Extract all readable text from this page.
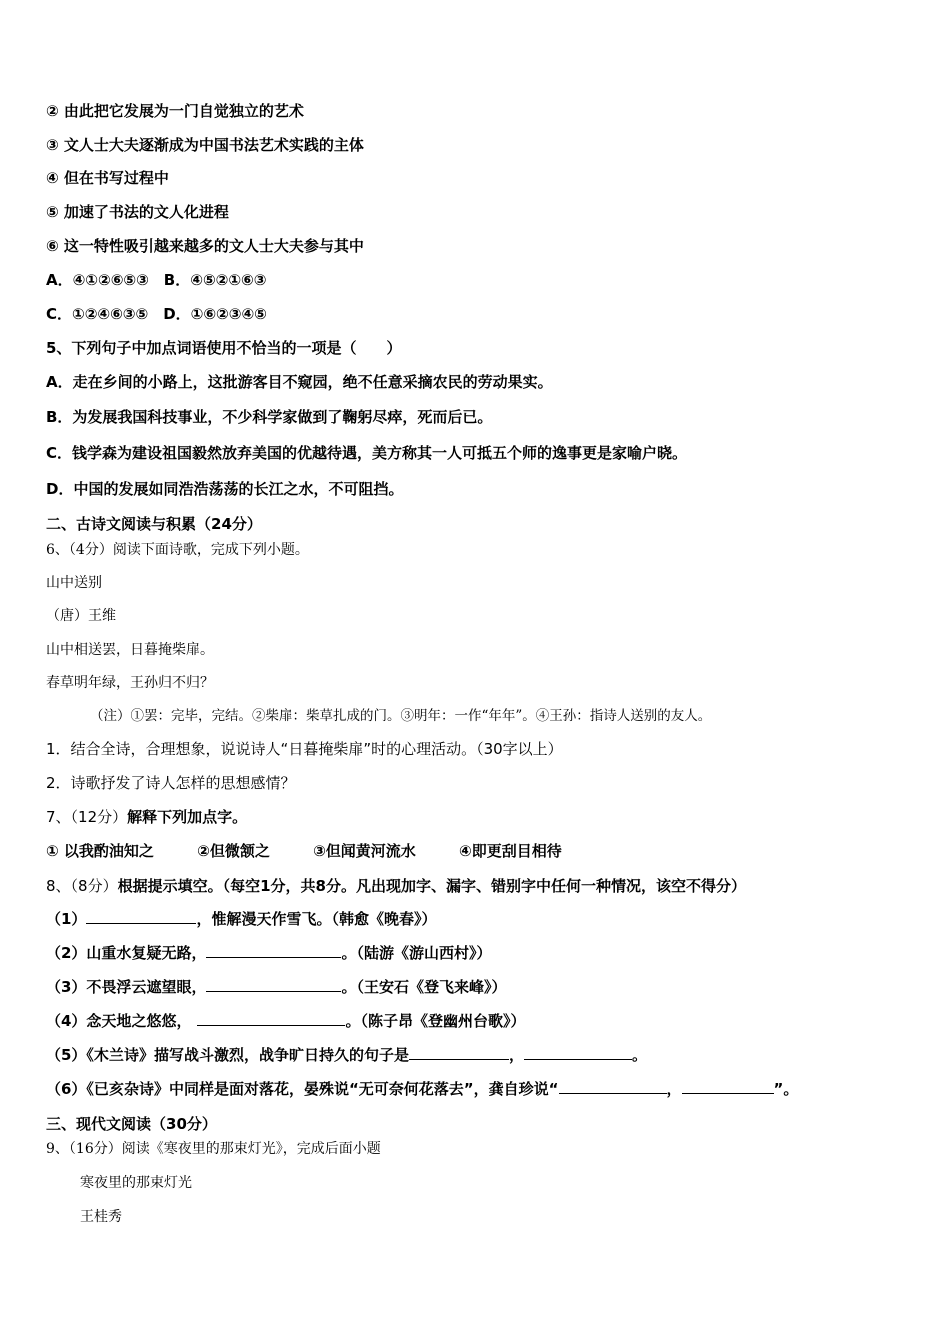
② 由此把它发展为一门自觉独立的艺术
③ 文人士大夫逐渐成为中国书法艺术实践的主体
④ 但在书写过程中
⑤ 加速了书法的文人化进程
⑥ 这一特性吸引越来越多的文人士大夫参与其中
A．④①②⑥⑤③　B．④⑤②①⑥③
C．①②④⑥③⑤　D．①⑥②③④⑤
5、下列句子中加点词语使用不恰当的一项是（　　）
A．走在乡间的小路上，这批游客目不窥园，绝不任意采摘农民的劳动果实。
B．为发展我国科技事业，不少科学家做到了鞠躬尽瘁，死而后已。
C．钱学森为建设祖国毅然放弃美国的优越待遇，美方称其一人可抵五个师的逸事更是家喻户晓。
D．中国的发展如同浩浩荡荡的长江之水，不可阻挡。
二、古诗文阅读与积累（24分）
6、（4分）阅读下面诗歌，完成下列小题。
山中送别
（唐）王维
山中相送罢，日暮掩柴扉。
春草明年绿，王孙归不归？
（注）①罢：完毕，完结。②柴扉：柴草扎成的门。③明年：一作“年年”。④王孙：指诗人送别的友人。
1．结合全诗，合理想象，说说诗人“日暮掩柴扉”时的心理活动。（30字以上）
2．诗歌抒发了诗人怎样的思想感情？
7、（12分）解释下列加点字。
① 以我酌油知之	②但微颔之	③但闻黄河流水	④即更刮目相待
8、（8分）根据提示填空。（每空1分，共8分。凡出现加字、漏字、错别字中任何一种情况，该空不得分）
（1）	，惟解漫天作雪飞。（韩愈《晚春》）
（2）山重水复疑无路，	。（陆游《游山西村》）
（3）不畏浮云遮望眼，	。（王安石《登飞来峰》）
（4）念天地之悠悠，	。（陈子昂《登幽州台歌》）
（5）《木兰诗》描写战斗激烈，战争旷日持久的句子是	，	。
（6）《已亥杂诗》中同样是面对落花，晏殊说“无可奈何花落去”，龚自珍说“	，	”。
三、现代文阅读（30分）
9、（16分）阅读《寒夜里的那束灯光》，完成后面小题
寒夜里的那束灯光
王桂秀
